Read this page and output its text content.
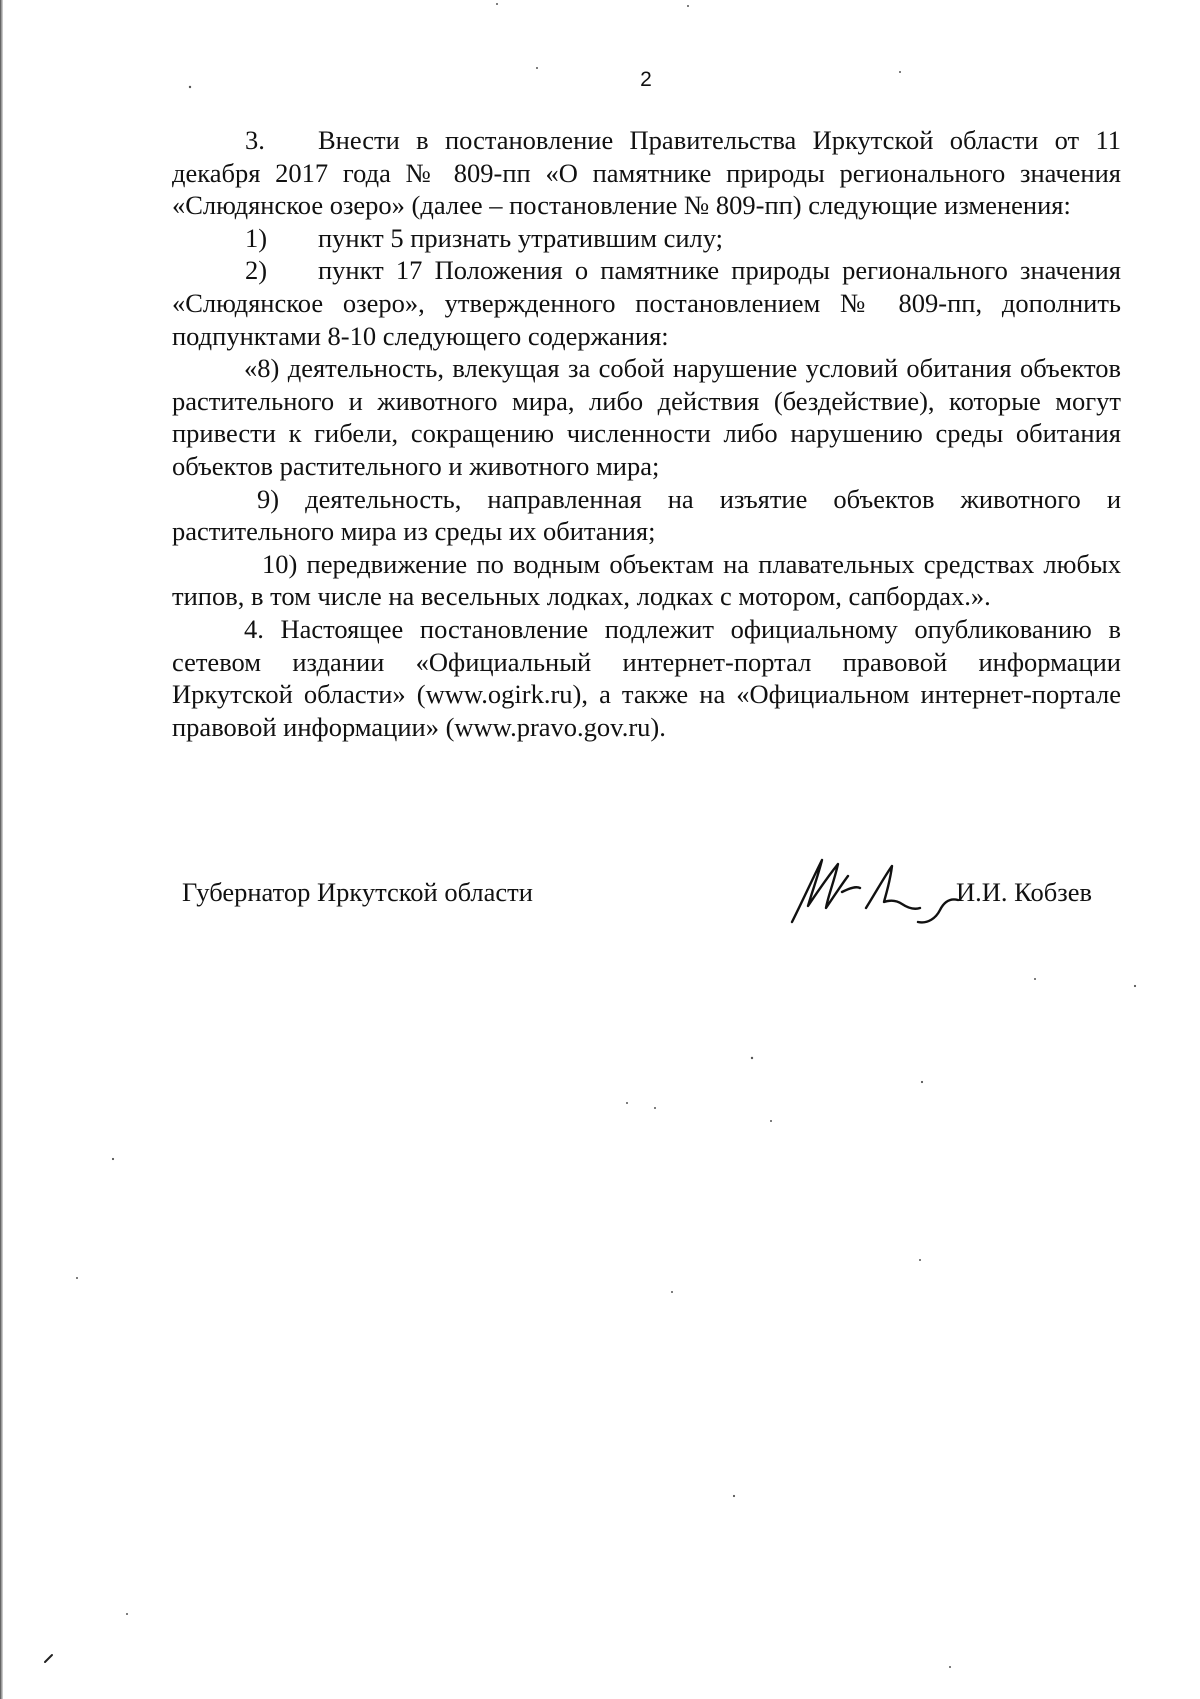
2

3. Внести в постановление Правительства Иркутской области от 11 декабря 2017 года № 809-пп «О памятнике природы регионального значения «Слюдянское озеро» (далее – постановление № 809-пп) следующие изменения:

1) пункт 5 признать утратившим силу;

2) пункт 17 Положения о памятнике природы регионального значения «Слюдянское озеро», утвержденного постановлением № 809-пп, дополнить подпунктами 8-10 следующего содержания:

«8) деятельность, влекущая за собой нарушение условий обитания объектов растительного и животного мира, либо действия (бездействие), которые могут привести к гибели, сокращению численности либо нарушению среды обитания объектов растительного и животного мира;

9) деятельность, направленная на изъятие объектов животного и растительного мира из среды их обитания;

10) передвижение по водным объектам на плавательных средствах любых типов, в том числе на весельных лодках, лодках с мотором, сапбордах.».

4. Настоящее постановление подлежит официальному опубликованию в сетевом издании «Официальный интернет-портал правовой информации Иркутской области» (www.ogirk.ru), а также на «Официальном интернет-портале правовой информации» (www.pravo.gov.ru).

Губернатор Иркутской области	И.И. Кобзев
